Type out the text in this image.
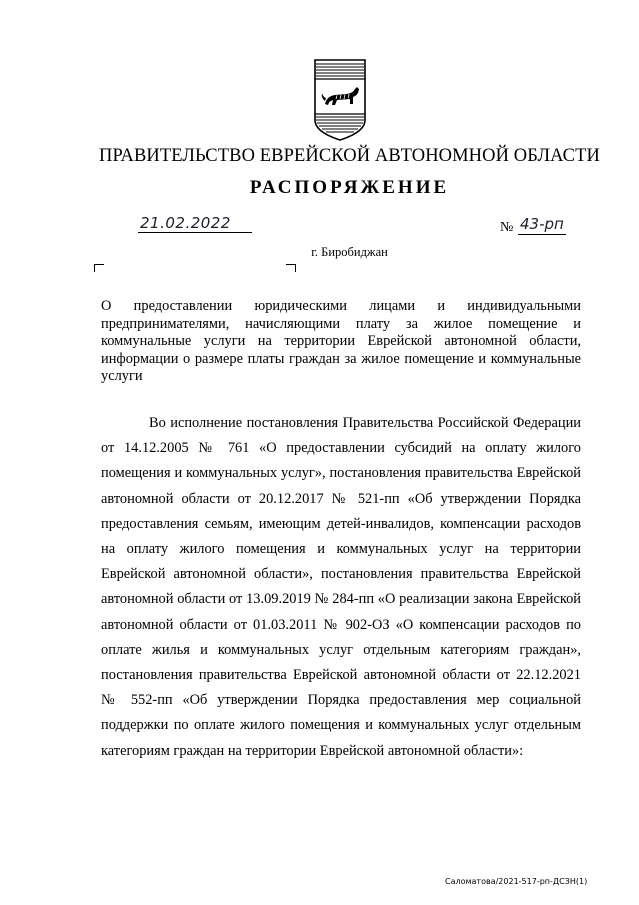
ПРАВИТЕЛЬСТВО ЕВРЕЙСКОЙ АВТОНОМНОЙ ОБЛАСТИ
РАСПОРЯЖЕНИЕ
21.02.2022	№ 43-рп
г. Биробиджан
О предоставлении юридическими лицами и индивидуальными предпринимателями, начисляющими плату за жилое помещение и коммунальные услуги на территории Еврейской автономной области, информации о размере платы граждан за жилое помещение и коммунальные услуги
Во исполнение постановления Правительства Российской Федерации от 14.12.2005 № 761 «О предоставлении субсидий на оплату жилого помещения и коммунальных услуг», постановления правительства Еврейской автономной области от 20.12.2017 № 521-пп «Об утверждении Порядка предоставления семьям, имеющим детей-инвалидов, компенсации расходов на оплату жилого помещения и коммунальных услуг на территории Еврейской автономной области», постановления правительства Еврейской автономной области от 13.09.2019 № 284-пп «О реализации закона Еврейской автономной области от 01.03.2011 № 902-ОЗ «О компенсации расходов по оплате жилья и коммунальных услуг отдельным категориям граждан», постановления правительства Еврейской автономной области от 22.12.2021 № 552-пп «Об утверждении Порядка предоставления мер социальной поддержки по оплате жилого помещения и коммунальных услуг отдельным категориям граждан на территории Еврейской автономной области»:
Саломатова/2021-517-рп-ДСЗН(1)
